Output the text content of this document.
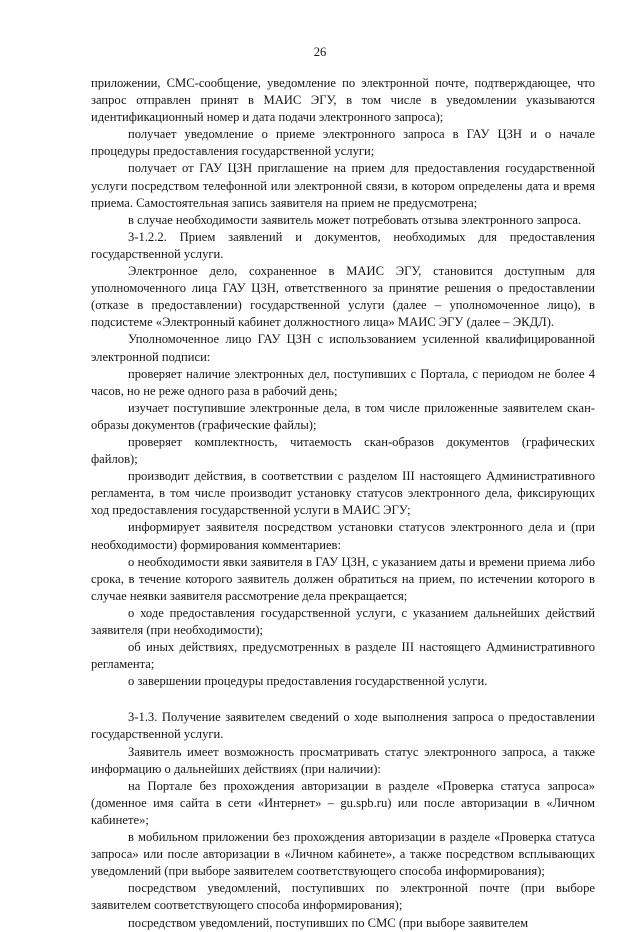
26

приложении, СМС-сообщение, уведомление по электронной почте, подтверждающее, что запрос отправлен принят в МАИС ЭГУ, в том числе в уведомлении указываются идентификационный номер и дата подачи электронного запроса);

получает уведомление о приеме электронного запроса в ГАУ ЦЗН и о начале процедуры предоставления государственной услуги;

получает от ГАУ ЦЗН приглашение на прием для предоставления государственной услуги посредством телефонной или электронной связи, в котором определены дата и время приема. Самостоятельная запись заявителя на прием не предусмотрена;

в случае необходимости заявитель может потребовать отзыва электронного запроса.

3-1.2.2. Прием заявлений и документов, необходимых для предоставления государственной услуги.

Электронное дело, сохраненное в МАИС ЭГУ, становится доступным для уполномоченного лица ГАУ ЦЗН, ответственного за принятие решения о предоставлении (отказе в предоставлении) государственной услуги (далее – уполномоченное лицо), в подсистеме «Электронный кабинет должностного лица» МАИС ЭГУ (далее – ЭКДЛ).

Уполномоченное лицо ГАУ ЦЗН с использованием усиленной квалифицированной электронной подписи:

проверяет наличие электронных дел, поступивших с Портала, с периодом не более 4 часов, но не реже одного раза в рабочий день;

изучает поступившие электронные дела, в том числе приложенные заявителем скан-образы документов (графические файлы);

проверяет комплектность, читаемость скан-образов документов (графических файлов);

производит действия, в соответствии с разделом III настоящего Административного регламента, в том числе производит установку статусов электронного дела, фиксирующих ход предоставления государственной услуги в МАИС ЭГУ;

информирует заявителя посредством установки статусов электронного дела и (при необходимости) формирования комментариев:

о необходимости явки заявителя в ГАУ ЦЗН, с указанием даты и времени приема либо срока, в течение которого заявитель должен обратиться на прием, по истечении которого в случае неявки заявителя рассмотрение дела прекращается;

о ходе предоставления государственной услуги, с указанием дальнейших действий заявителя (при необходимости);

об иных действиях, предусмотренных в разделе III настоящего Административного регламента;

о завершении процедуры предоставления государственной услуги.

3-1.3. Получение заявителем сведений о ходе выполнения запроса о предоставлении государственной услуги.

Заявитель имеет возможность просматривать статус электронного запроса, а также информацию о дальнейших действиях (при наличии):

на Портале без прохождения авторизации в разделе «Проверка статуса запроса» (доменное имя сайта в сети «Интернет» – gu.spb.ru) или после авторизации в «Личном кабинете»;

в мобильном приложении без прохождения авторизации в разделе «Проверка статуса запроса» или после авторизации в «Личном кабинете», а также посредством всплывающих уведомлений (при выборе заявителем соответствующего способа информирования);

посредством уведомлений, поступивших по электронной почте (при выборе заявителем соответствующего способа информирования);

посредством уведомлений, поступивших по СМС (при выборе заявителем
